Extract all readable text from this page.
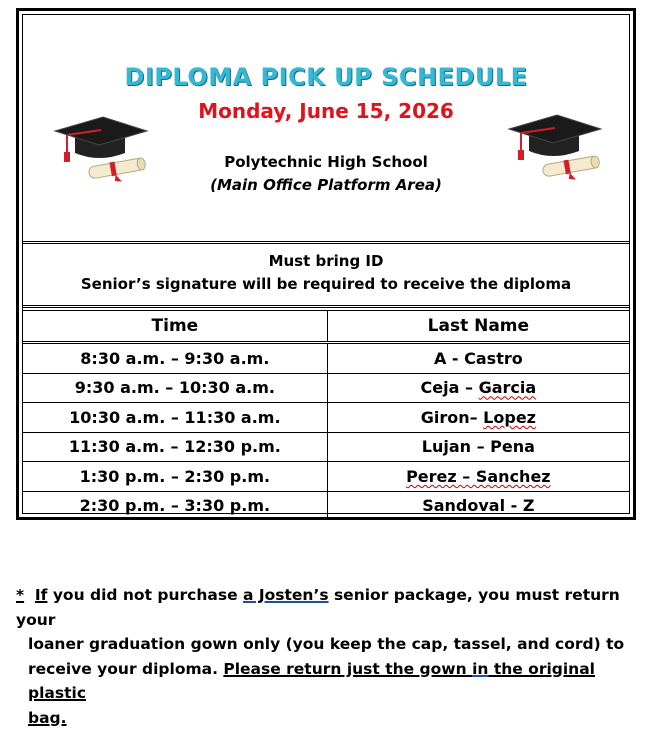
DIPLOMA PICK UP SCHEDULE
Monday, June 15, 2026
Polytechnic High School
(Main Office Platform Area)
Must bring ID
Senior’s signature will be required to receive the diploma
Time	Last Name
8:30 a.m. – 9:30 a.m.	A - Castro
9:30 a.m. – 10:30 a.m.	Ceja – Garcia
10:30 a.m. – 11:30 a.m.	Giron– Lopez
11:30 a.m. – 12:30 p.m.	Lujan – Pena
1:30 p.m. – 2:30 p.m.	Perez – Sanchez
2:30 p.m. – 3:30 p.m.	Sandoval - Z

* If you did not purchase a Josten’s senior package, you must return your

loaner graduation gown only (you keep the cap, tassel, and cord) to

receive your diploma. Please return just the gown in the original plastic

bag.
